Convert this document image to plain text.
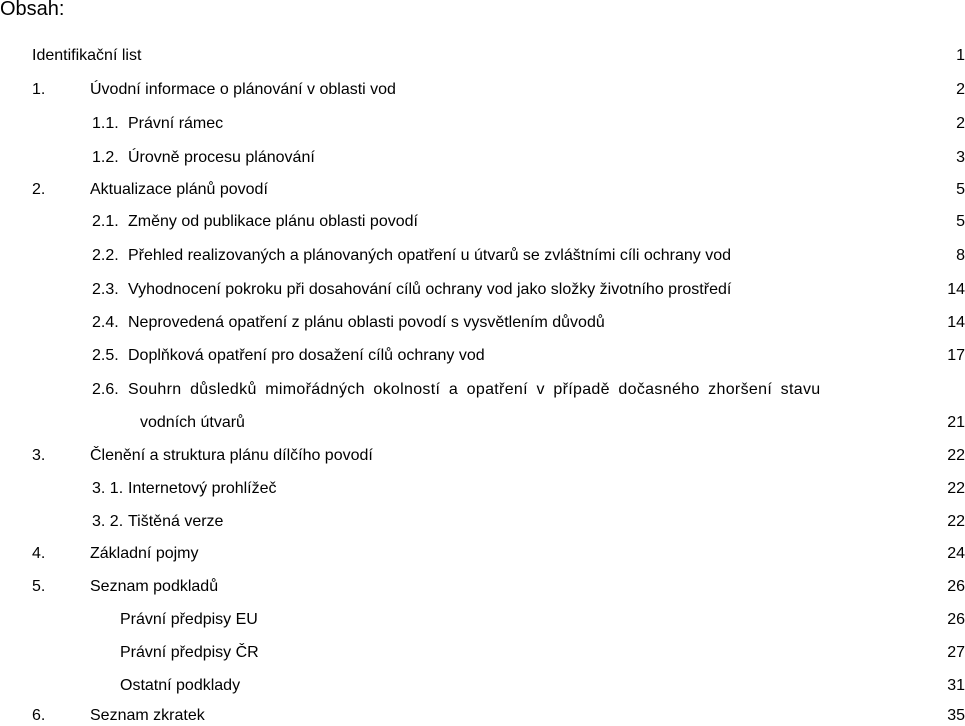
Obsah:
Identifikační list	1
1.	Úvodní informace o plánování v oblasti vod	2
1.1. Právní rámec	2
1.2. Úrovně procesu plánování	3
2.	Aktualizace plánů povodí	5
2.1. Změny od publikace plánu oblasti povodí	5
2.2. Přehled realizovaných a plánovaných opatření u útvarů se zvláštními cíli ochrany vod	8
2.3. Vyhodnocení pokroku při dosahování cílů ochrany vod jako složky životního prostředí	14
2.4. Neprovedená opatření z plánu oblasti povodí s vysvětlením důvodů	14
2.5. Doplňková opatření pro dosažení cílů ochrany vod	17
2.6. Souhrn důsledků mimořádných okolností a opatření v případě dočasného zhoršení stavu
vodních útvarů	21
3.	Členění a struktura plánu dílčího povodí	22
3. 1. Internetový prohlížeč	22
3. 2. Tištěná verze	22
4.	Základní pojmy	24
5.	Seznam podkladů	26
Právní předpisy EU	26
Právní předpisy ČR	27
Ostatní podklady	31
6.	Seznam zkratek	35
